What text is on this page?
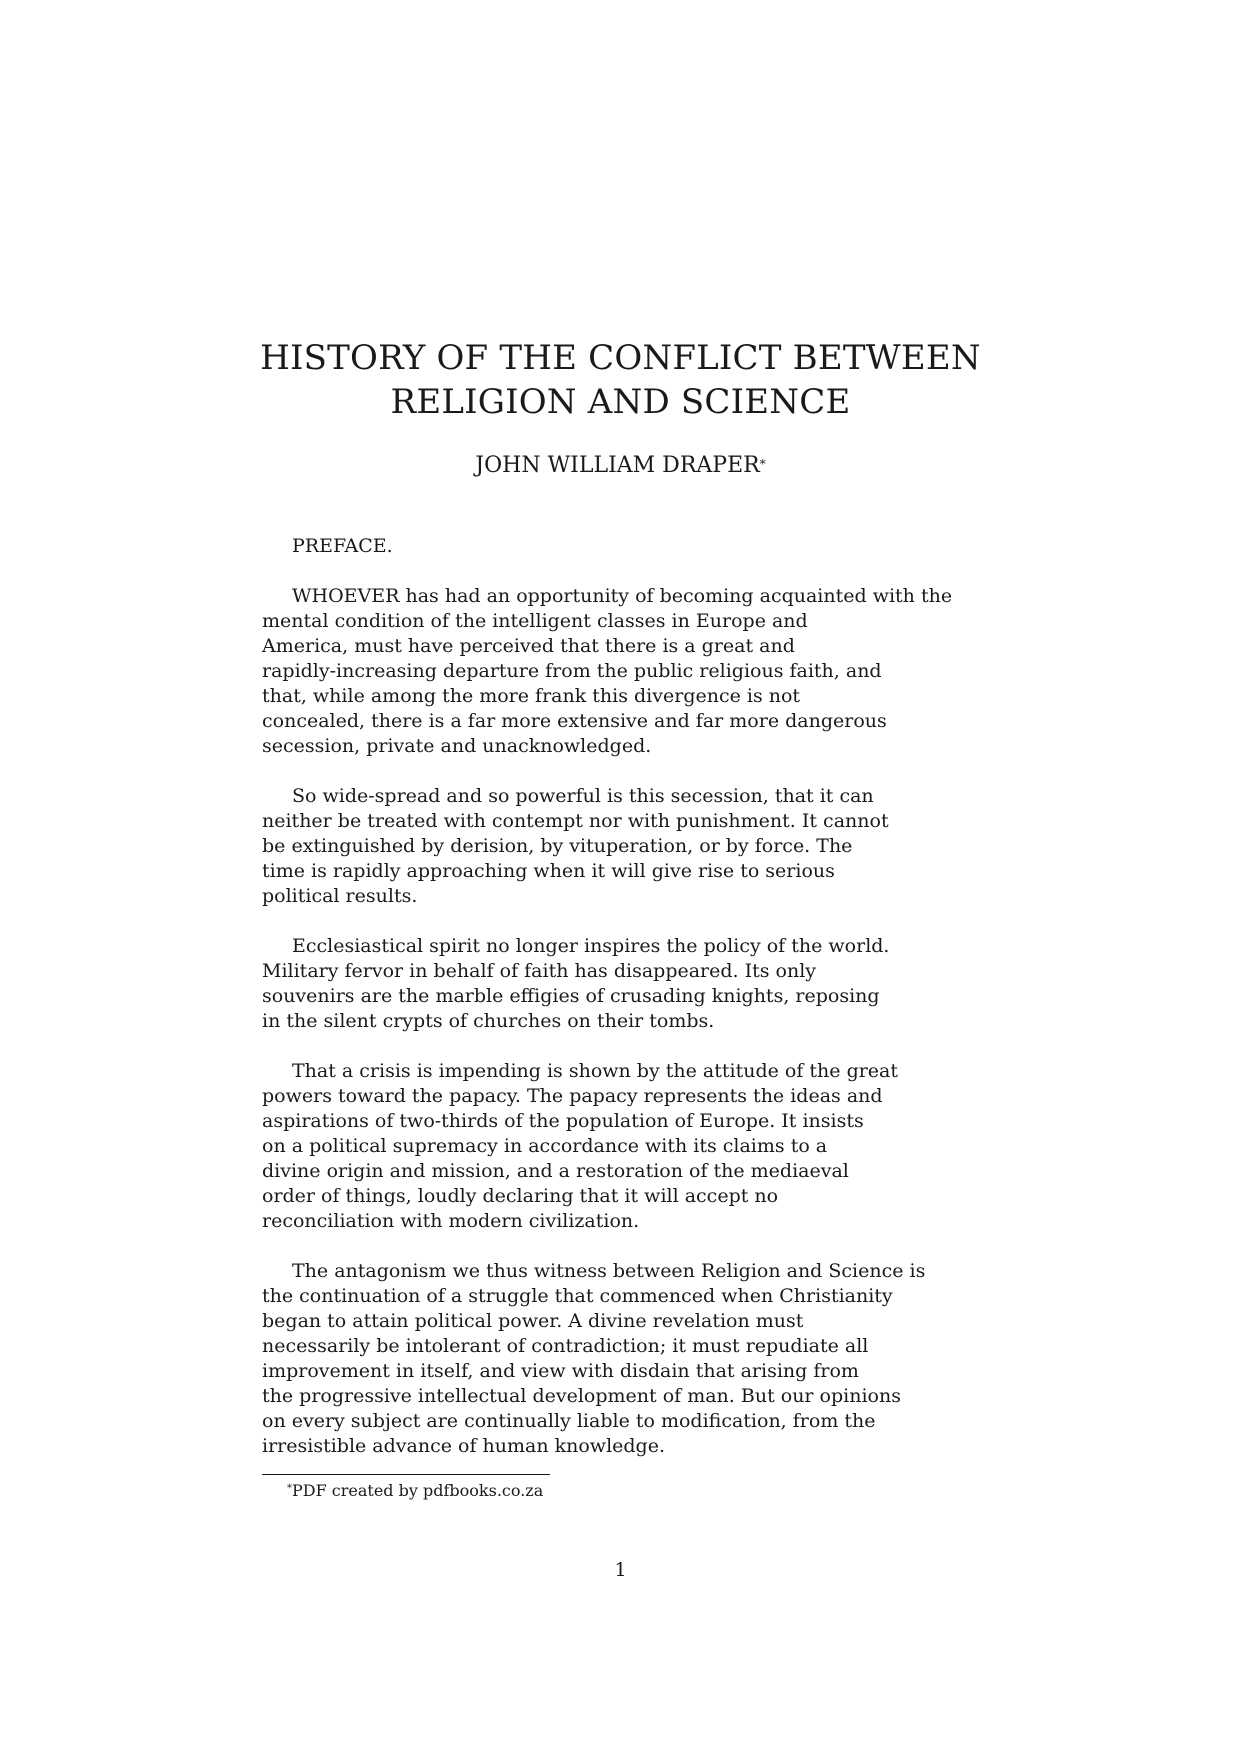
HISTORY OF THE CONFLICT BETWEEN
RELIGION AND SCIENCE
JOHN WILLIAM DRAPER*
PREFACE.
WHOEVER has had an opportunity of becoming acquainted with the
mental condition of the intelligent classes in Europe and
America, must have perceived that there is a great and
rapidly-increasing departure from the public religious faith, and
that, while among the more frank this divergence is not
concealed, there is a far more extensive and far more dangerous
secession, private and unacknowledged.
So wide-spread and so powerful is this secession, that it can
neither be treated with contempt nor with punishment. It cannot
be extinguished by derision, by vituperation, or by force. The
time is rapidly approaching when it will give rise to serious
political results.
Ecclesiastical spirit no longer inspires the policy of the world.
Military fervor in behalf of faith has disappeared. Its only
souvenirs are the marble effigies of crusading knights, reposing
in the silent crypts of churches on their tombs.
That a crisis is impending is shown by the attitude of the great
powers toward the papacy. The papacy represents the ideas and
aspirations of two-thirds of the population of Europe. It insists
on a political supremacy in accordance with its claims to a
divine origin and mission, and a restoration of the mediaeval
order of things, loudly declaring that it will accept no
reconciliation with modern civilization.
The antagonism we thus witness between Religion and Science is
the continuation of a struggle that commenced when Christianity
began to attain political power. A divine revelation must
necessarily be intolerant of contradiction; it must repudiate all
improvement in itself, and view with disdain that arising from
the progressive intellectual development of man. But our opinions
on every subject are continually liable to modification, from the
irresistible advance of human knowledge.
*PDF created by pdfbooks.co.za
1
